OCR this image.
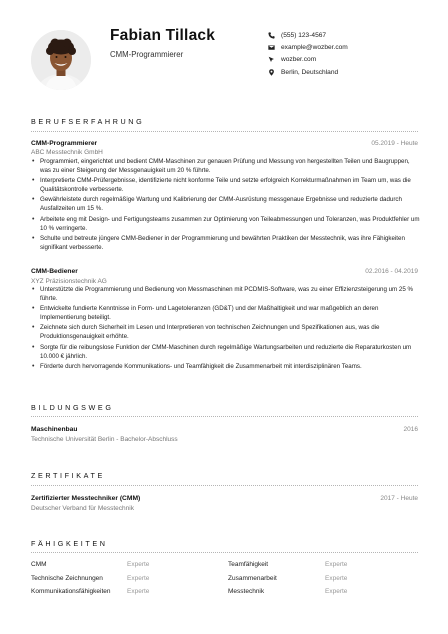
Fabian Tillack
CMM-Programmierer
(555) 123-4567
example@wozber.com
wozber.com
Berlin, Deutschland
BERUFSERFAHRUNG
CMM-Programmierer	05.2019 - Heute
ABC Messtechnik GmbH
• Programmiert, eingerichtet und bedient CMM-Maschinen zur genauen Prüfung und Messung von hergestellten Teilen und Baugruppen, was zu einer Steigerung der Messgenauigkeit um 20 % führte.
• Interpretierte CMM-Prüfergebnisse, identifizierte nicht konforme Teile und setzte erfolgreich Korrekturmaßnahmen im Team um, was die Qualitätskontrolle verbesserte.
• Gewährleistete durch regelmäßige Wartung und Kalibrierung der CMM-Ausrüstung messgenaue Ergebnisse und reduzierte dadurch Ausfallzeiten um 15 %.
• Arbeitete eng mit Design- und Fertigungsteams zusammen zur Optimierung von Teileabmessungen und Toleranzen, was Produktfehler um 10 % verringerte.
• Schulte und betreute jüngere CMM-Bediener in der Programmierung und bewährten Praktiken der Messtechnik, was ihre Fähigkeiten signifikant verbesserte.
CMM-Bediener	02.2016 - 04.2019
XYZ Präzisionstechnik AG
• Unterstützte die Programmierung und Bedienung von Messmaschinen mit PCDMIS-Software, was zu einer Effizienzsteigerung um 25 % führte.
• Entwickelte fundierte Kenntnisse in Form- und Lagetoleranzen (GD&T) und der Maßhaltigkeit und war maßgeblich an deren Implementierung beteiligt.
• Zeichnete sich durch Sicherheit im Lesen und Interpretieren von technischen Zeichnungen und Spezifikationen aus, was die Produktionsgenauigkeit erhöhte.
• Sorgte für die reibungslose Funktion der CMM-Maschinen durch regelmäßige Wartungsarbeiten und reduzierte die Reparaturkosten um 10.000 € jährlich.
• Förderte durch hervorragende Kommunikations- und Teamfähigkeit die Zusammenarbeit mit interdisziplinären Teams.
BILDUNGSWEG
Maschinenbau	2016
Technische Universität Berlin - Bachelor-Abschluss
ZERTIFIKATE
Zertifizierter Messtechniker (CMM)	2017 - Heute
Deutscher Verband für Messtechnik
FÄHIGKEITEN
CMM	Experte	Teamfähigkeit	Experte
Technische Zeichnungen	Experte	Zusammenarbeit	Experte
Kommunikationsfähigkeiten	Experte	Messtechnik	Experte
